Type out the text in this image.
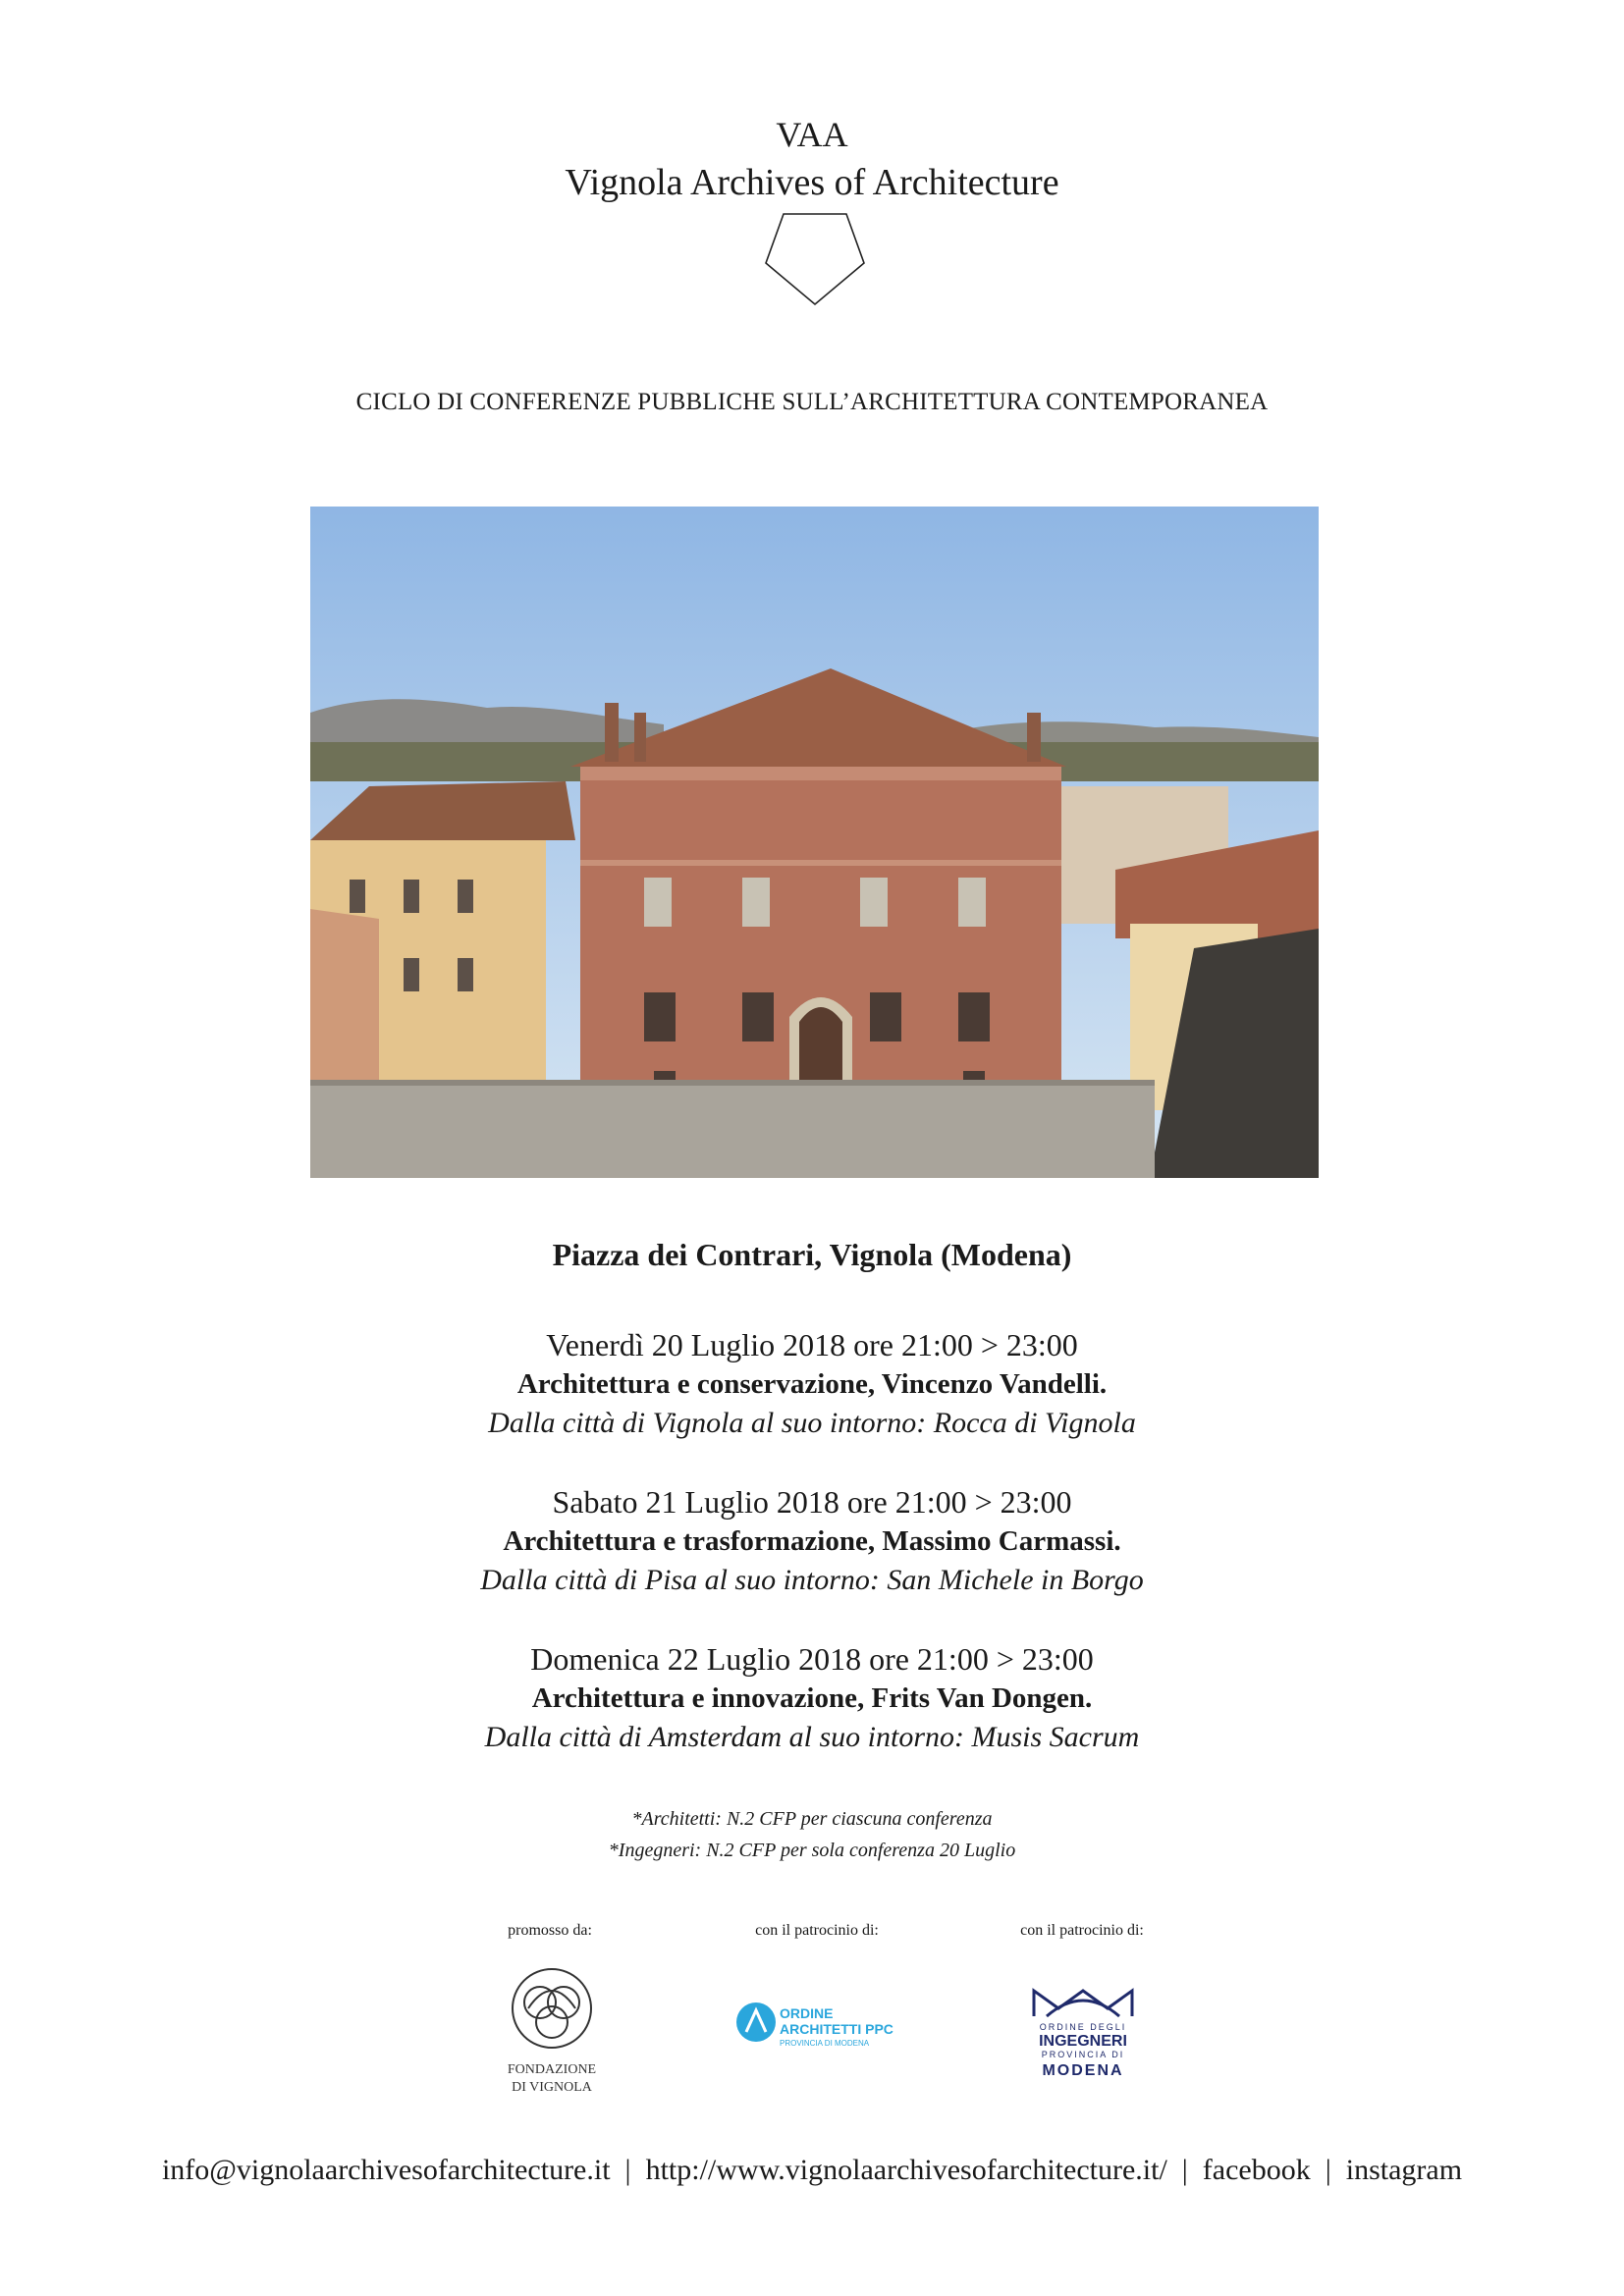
VAA
Vignola Archives of Architecture
CICLO DI CONFERENZE PUBBLICHE SULL’ARCHITETTURA CONTEMPORANEA
Piazza dei Contrari, Vignola (Modena)
Venerdì 20 Luglio 2018 ore 21:00 > 23:00
Architettura e conservazione, Vincenzo Vandelli.
Dalla città di Vignola al suo intorno: Rocca di Vignola
Sabato 21 Luglio 2018 ore 21:00 > 23:00
Architettura e trasformazione, Massimo Carmassi.
Dalla città di Pisa al suo intorno: San Michele in Borgo
Domenica 22 Luglio 2018 ore 21:00 > 23:00
Architettura e innovazione, Frits Van Dongen.
Dalla città di Amsterdam al suo intorno: Musis Sacrum
*Architetti: N.2 CFP per ciascuna conferenza
*Ingegneri: N.2 CFP per sola conferenza 20 Luglio
promosso da:	con il patrocinio di:	con il patrocinio di:
FONDAZIONE
DI VIGNOLA
ORDINE
ARCHITETTI PPC
PROVINCIA DI MODENA
ORDINE DEGLI
INGEGNERI
PROVINCIA DI
MODENA
info@vignolaarchivesofarchitecture.it  |  http://www.vignolaarchivesofarchitecture.it/  |  facebook  |  instagram
